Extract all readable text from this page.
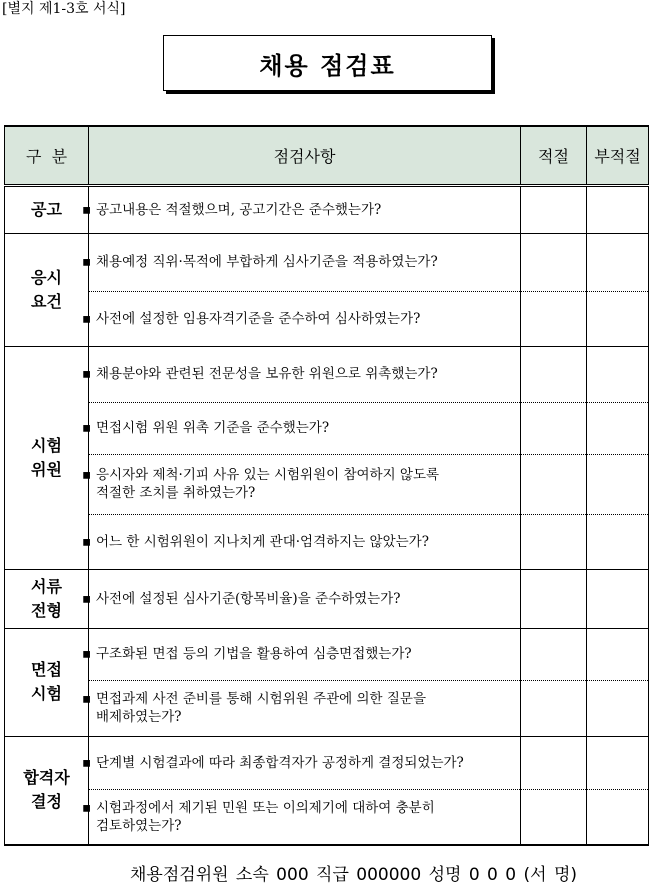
[별지 제1-3호 서식]
채용 점검표
구  분	점검사항	적절	부적절
공고	▪ 공고내용은 적절했으며, 공고기간은 준수했는가?		

응시
요건	▪ 채용예정 직위·목적에 부합하게 심사기준을 적용하였는가?		

	▪ 사전에 설정한 임용자격기준을 준수하여 심사하였는가?		

시험
위원	▪ 채용분야와 관련된 전문성을 보유한 위원으로 위촉했는가?		

	▪ 면접시험 위원 위촉 기준을 준수했는가?		

	▪ 응시자와 제척·기피 사유 있는 시험위원이 참여하지 않도록
적절한 조치를 취하였는가?		

	▪ 어느 한 시험위원이 지나치게 관대·엄격하지는 않았는가?		

서류
전형	▪ 사전에 설정된 심사기준(항목비율)을 준수하였는가?		

면접
시험	▪ 구조화된 면접 등의 기법을 활용하여 심층면접했는가?		

	▪ 면접과제 사전 준비를 통해 시험위원 주관에 의한 질문을
배제하였는가?		

합격자
결정	▪ 단계별 시험결과에 따라 최종합격자가 공정하게 결정되었는가?		

	▪ 시험과정에서 제기된 민원 또는 이의제기에 대하여 충분히
검토하였는가?		

채용점검위원 소속 000 직급 000000 성명 0 0 0 (서 명)
